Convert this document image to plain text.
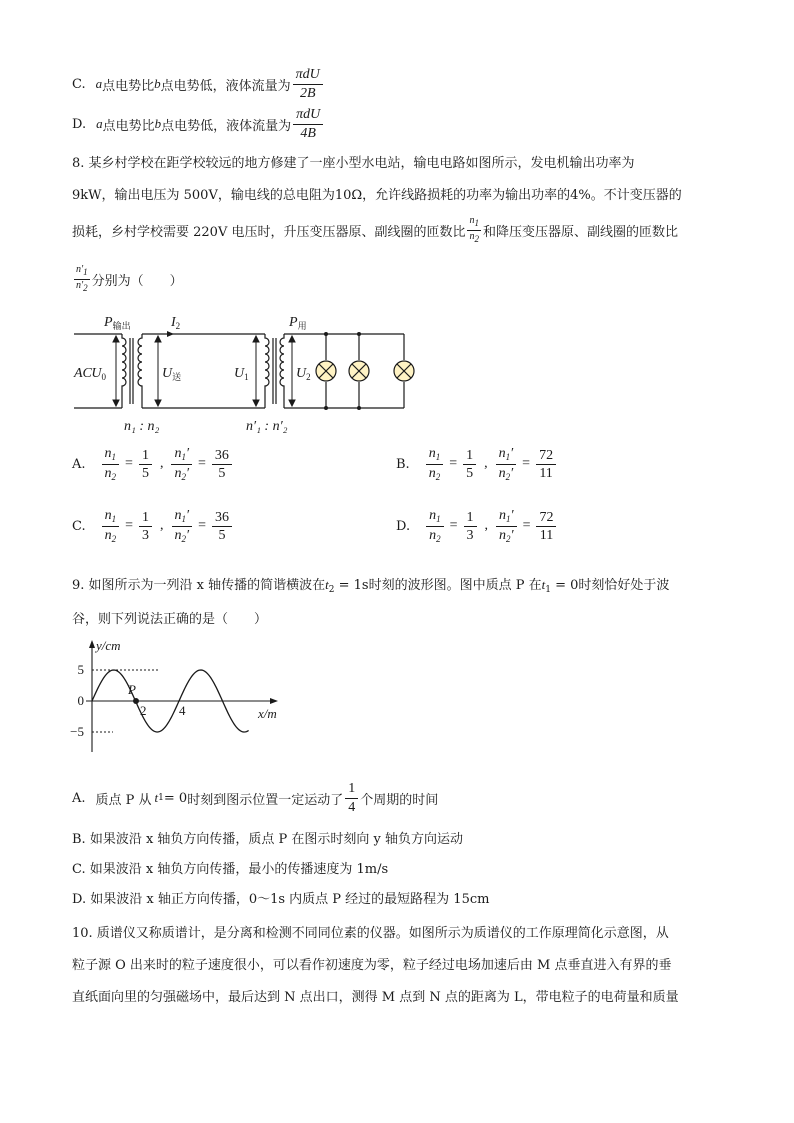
C. a 点电势比 b 点电势低，液体流量为 $\frac{\text{πdU}}{2B}$
D. a 点电势比 b 点电势低，液体流量为 $\frac{\text{πdU}}{4B}$
8. 某乡村学校在距学校较远的地方修建了一座小型水电站，输电电路如图所示，发电机输出功率为
9kW，输出电压为 500V，输电线的总电阻为10Ω，允许线路损耗的功率为输出功率的4%。不计变压器的
损耗，乡村学校需要 220V 电压时，升压变压器原、副线圈的匝数比 $\frac{n1}{n2}$ 和降压变压器原、副线圈的匝数比
$\frac{n'1}{n'2}$ 分别为（　　）
$P_{输出}$	$I_2$	$P_用$
AC $U_0$	$U_送$	$U_1$	$U_2$
n₁ : n₂	n′₁ : n′₂
A. $\frac{n_1}{n_2} = \frac{1}{5}$ , $\frac{n_1'}{n_2'} = \frac{36}{5}$	B. $\frac{n_1}{n_2} = \frac{1}{5}$ , $\frac{n_1'}{n_2'} = \frac{72}{11}$
C. $\frac{n_1}{n_2} = \frac{1}{3}$ , $\frac{n_1'}{n_2'} = \frac{36}{5}$	D. $\frac{n_1}{n_2} = \frac{1}{3}$ , $\frac{n_1'}{n_2'} = \frac{72}{11}$
9. 如图所示为一列沿 x 轴传播的简谐横波在$t_2 = 1s$时刻的波形图。图中质点 P 在$t_1 = 0$时刻恰好处于波
谷，则下列说法正确的是（　　）
y/cm
x/m
5
0
−5
2	4
P
A. 质点 P 从 t 1 = 0 时刻到图示位置一定运动了 $\frac{1}{4}$ 个周期的时间
B. 如果波沿 x 轴负方向传播，质点 P 在图示时刻向 y 轴负方向运动
C. 如果波沿 x 轴负方向传播，最小的传播速度为 1m/s
D. 如果波沿 x 轴正方向传播，0～1s 内质点 P 经过的最短路程为 15cm
10. 质谱仪又称质谱计，是分离和检测不同同位素的仪器。如图所示为质谱仪的工作原理简化示意图，从
粒子源 O 出来时的粒子速度很小，可以看作初速度为零，粒子经过电场加速后由 M 点垂直进入有界的垂
直纸面向里的匀强磁场中，最后达到 N 点出口，测得 M 点到 N 点的距离为 L，带电粒子的电荷量和质量
